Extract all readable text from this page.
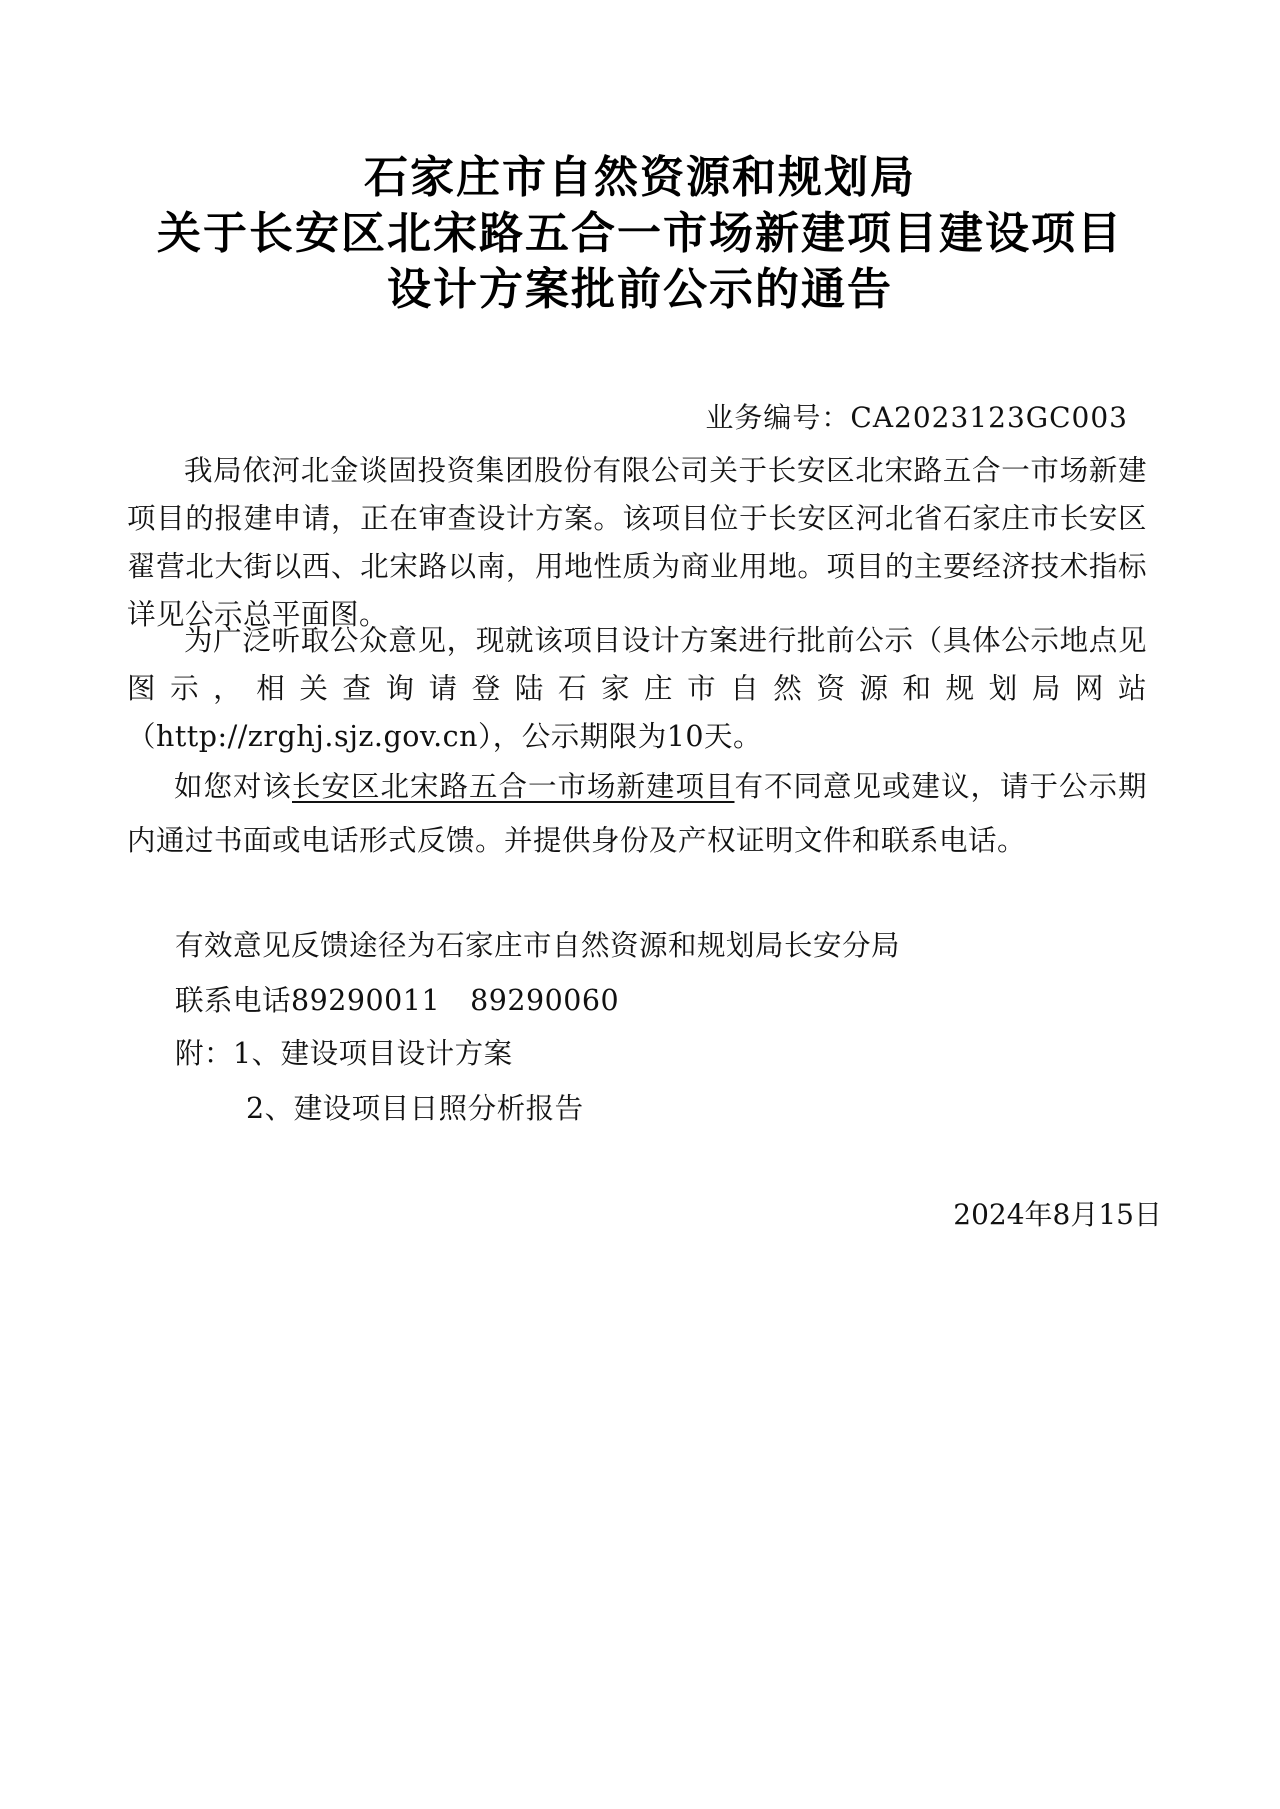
石家庄市自然资源和规划局
关于长安区北宋路五合一市场新建项目建设项目
设计方案批前公示的通告
业务编号：CA2023123GC003
我局依河北金谈固投资集团股份有限公司关于长安区北宋路五合一市场新建项目的报建申请，正在审查设计方案。该项目位于长安区河北省石家庄市长安区翟营北大街以西、北宋路以南，用地性质为商业用地。项目的主要经济技术指标详见公示总平面图。
为广泛听取公众意见，现就该项目设计方案进行批前公示（具体公示地点见图示，相关查询请登陆石家庄市自然资源和规划局网站（http://zrghj.sjz.gov.cn），公示期限为10天。
如您对该长安区北宋路五合一市场新建项目有不同意见或建议，请于公示期内通过书面或电话形式反馈。并提供身份及产权证明文件和联系电话。
有效意见反馈途径为石家庄市自然资源和规划局长安分局
联系电话89290011 89290060
附：1、建设项目设计方案
2、建设项目日照分析报告
2024年8月15日
